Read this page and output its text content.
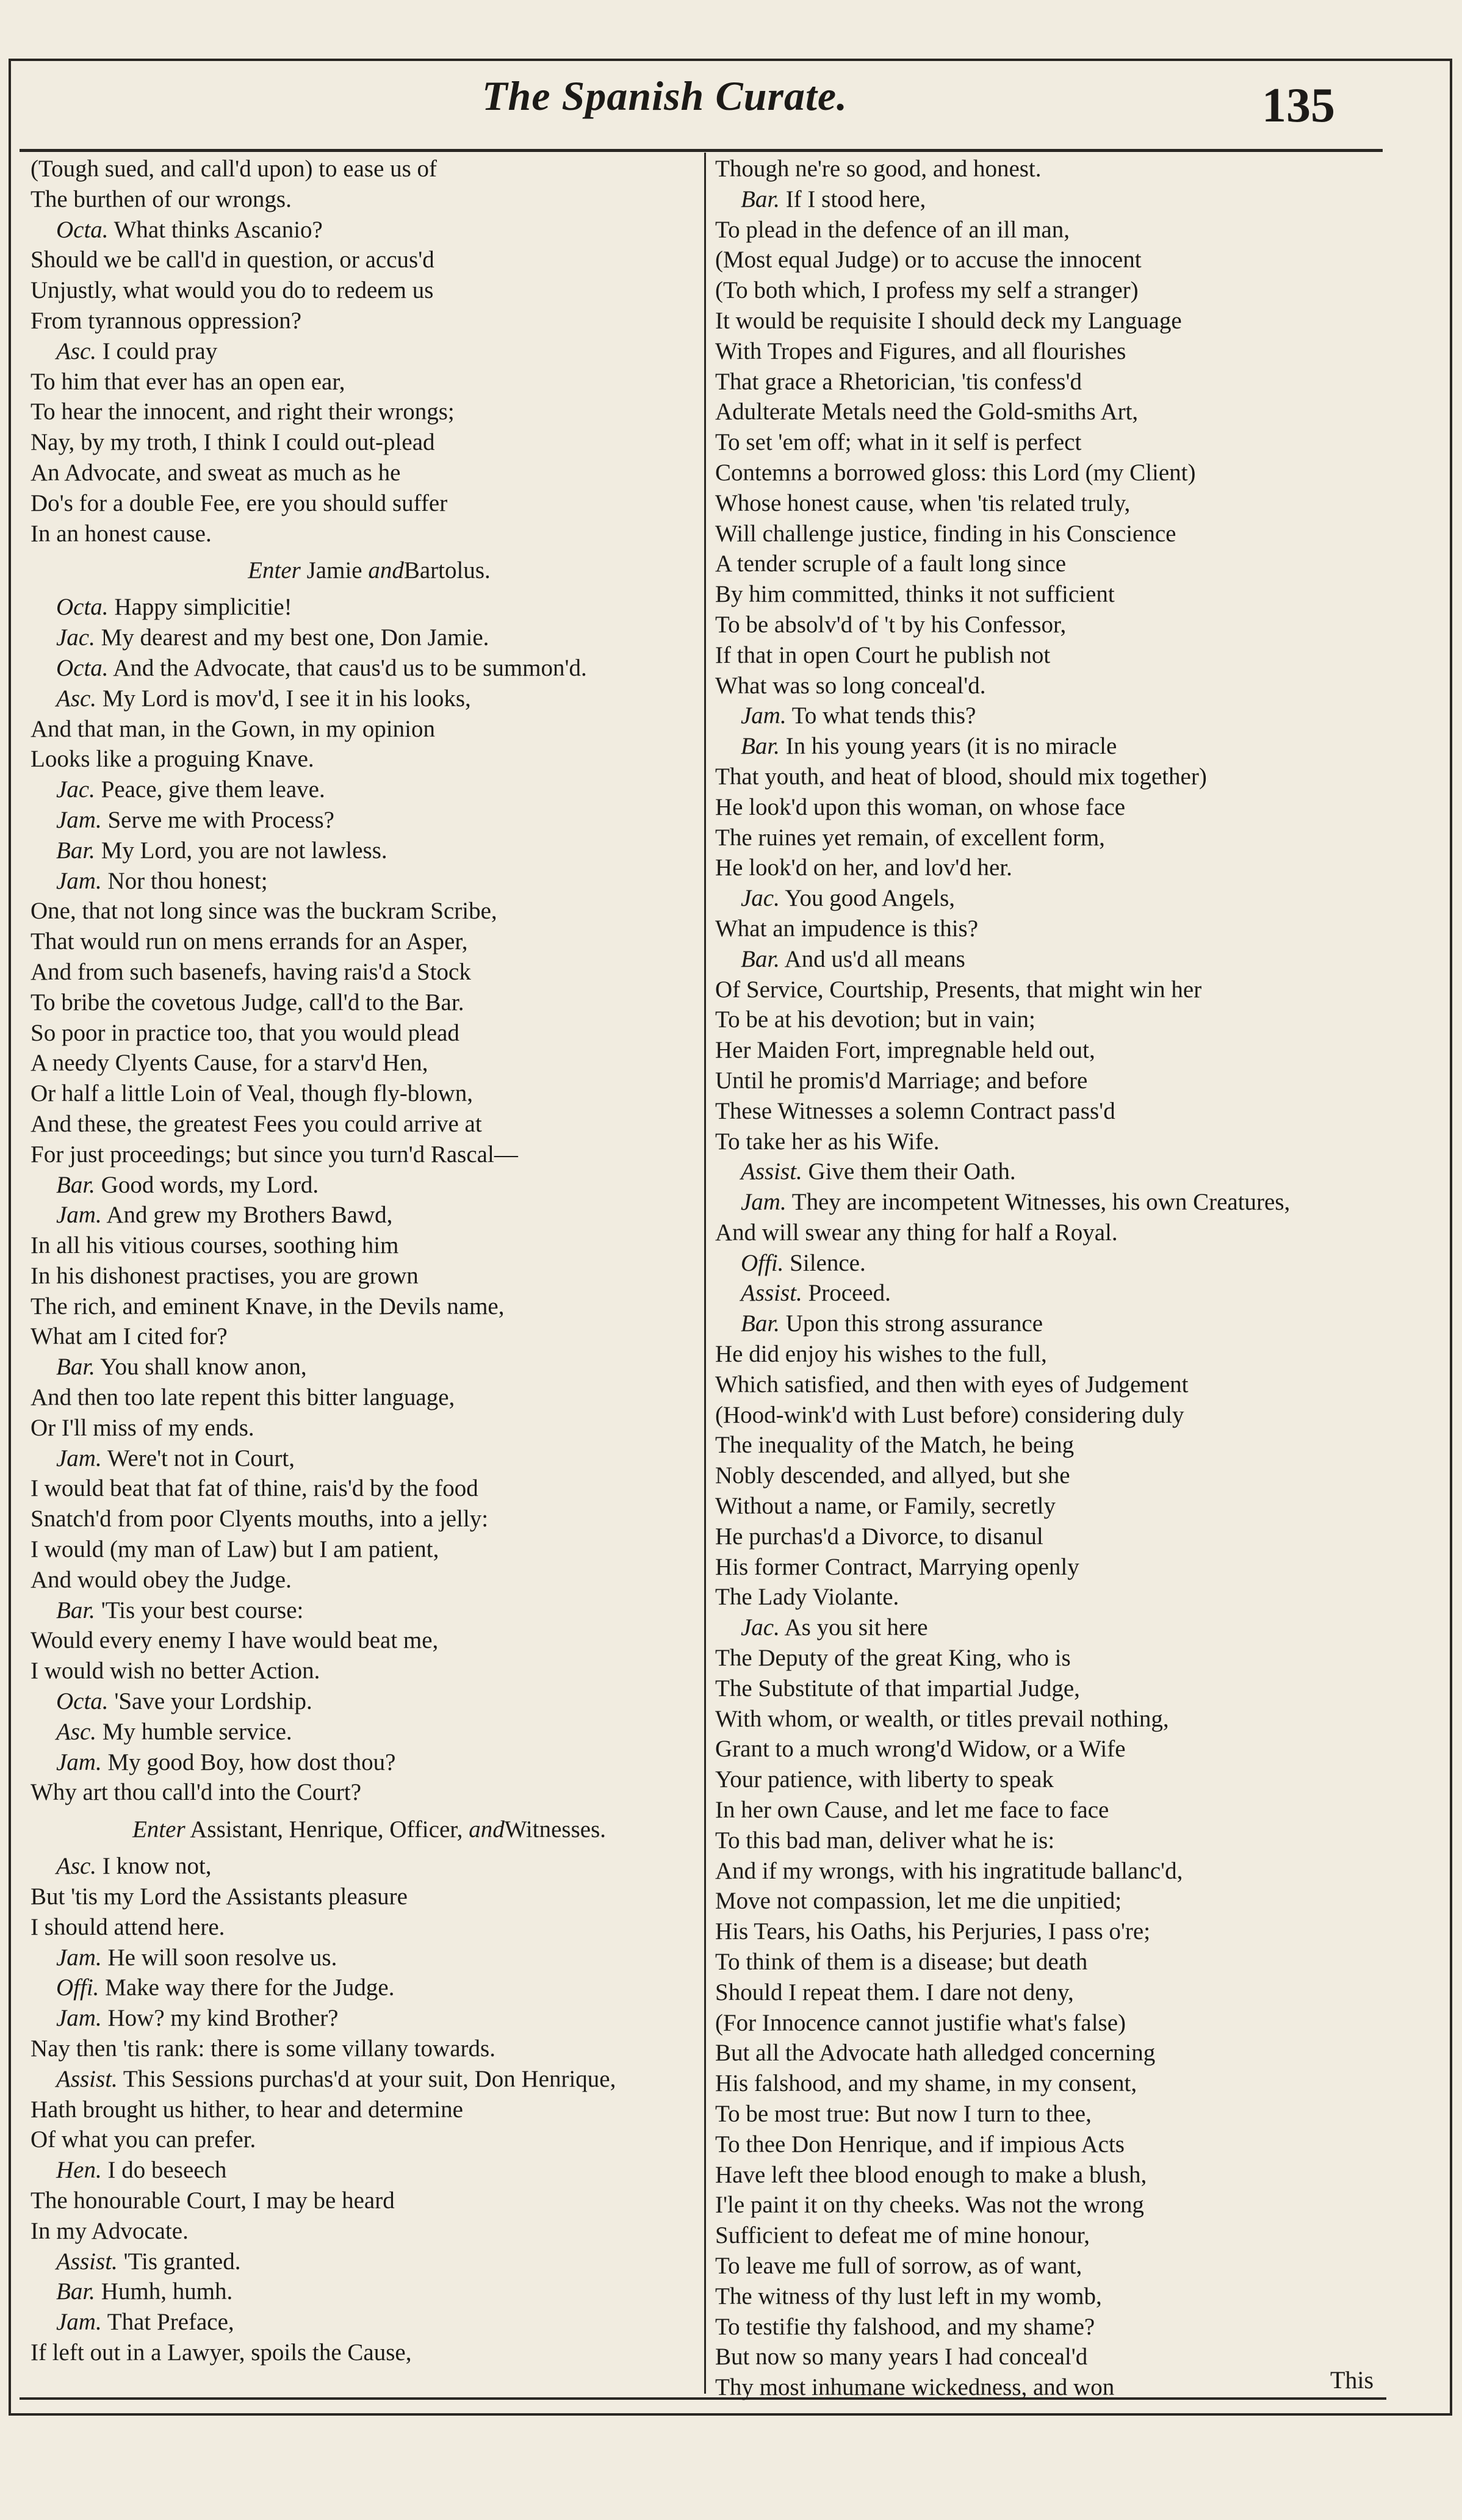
The Spanish Curate.	135
(Tough sued, and call'd upon) to ease us of
The burthen of our wrongs.
Octa. What thinks Ascanio?
Should we be call'd in question, or accus'd
Unjustly, what would you do to redeem us
From tyrannous oppression?
Asc. I could pray
To him that ever has an open ear,
To hear the innocent, and right their wrongs;
Nay, by my troth, I think I could out-plead
An Advocate, and sweat as much as he
Do's for a double Fee, ere you should suffer
In an honest cause.
Enter Jamie andBartolus.
Octa. Happy simplicitie!
Jac. My dearest and my best one, Don Jamie.
Octa. And the Advocate, that caus'd us to be summon'd.
Asc. My Lord is mov'd, I see it in his looks,
And that man, in the Gown, in my opinion
Looks like a proguing Knave.
Jac. Peace, give them leave.
Jam. Serve me with Process?
Bar. My Lord, you are not lawless.
Jam. Nor thou honest;
One, that not long since was the buckram Scribe,
That would run on mens errands for an Asper,
And from such basenefs, having rais'd a Stock
To bribe the covetous Judge, call'd to the Bar.
So poor in practice too, that you would plead
A needy Clyents Cause, for a starv'd Hen,
Or half a little Loin of Veal, though fly-blown,
And these, the greatest Fees you could arrive at
For just proceedings; but since you turn'd Rascal—
Bar. Good words, my Lord.
Jam. And grew my Brothers Bawd,
In all his vitious courses, soothing him
In his dishonest practises, you are grown
The rich, and eminent Knave, in the Devils name,
What am I cited for?
Bar. You shall know anon,
And then too late repent this bitter language,
Or I'll miss of my ends.
Jam. Were't not in Court,
I would beat that fat of thine, rais'd by the food
Snatch'd from poor Clyents mouths, into a jelly:
I would (my man of Law) but I am patient,
And would obey the Judge.
Bar. 'Tis your best course:
Would every enemy I have would beat me,
I would wish no better Action.
Octa. 'Save your Lordship.
Asc. My humble service.
Jam. My good Boy, how dost thou?
Why art thou call'd into the Court?
Enter Assistant, Henrique, Officer, andWitnesses.
Asc. I know not,
But 'tis my Lord the Assistants pleasure
I should attend here.
Jam. He will soon resolve us.
Offi. Make way there for the Judge.
Jam. How? my kind Brother?
Nay then 'tis rank: there is some villany towards.
Assist. This Sessions purchas'd at your suit, Don Henrique,
Hath brought us hither, to hear and determine
Of what you can prefer.
Hen. I do beseech
The honourable Court, I may be heard
In my Advocate.
Assist. 'Tis granted.
Bar. Humh, humh.
Jam. That Preface,
If left out in a Lawyer, spoils the Cause,
Though ne're so good, and honest.
Bar. If I stood here,
To plead in the defence of an ill man,
(Most equal Judge) or to accuse the innocent
(To both which, I profess my self a stranger)
It would be requisite I should deck my Language
With Tropes and Figures, and all flourishes
That grace a Rhetorician, 'tis confess'd
Adulterate Metals need the Gold-smiths Art,
To set 'em off; what in it self is perfect
Contemns a borrowed gloss: this Lord (my Client)
Whose honest cause, when 'tis related truly,
Will challenge justice, finding in his Conscience
A tender scruple of a fault long since
By him committed, thinks it not sufficient
To be absolv'd of 't by his Confessor,
If that in open Court he publish not
What was so long conceal'd.
Jam. To what tends this?
Bar. In his young years (it is no miracle
That youth, and heat of blood, should mix together)
He look'd upon this woman, on whose face
The ruines yet remain, of excellent form,
He look'd on her, and lov'd her.
Jac. You good Angels,
What an impudence is this?
Bar. And us'd all means
Of Service, Courtship, Presents, that might win her
To be at his devotion; but in vain;
Her Maiden Fort, impregnable held out,
Until he promis'd Marriage; and before
These Witnesses a solemn Contract pass'd
To take her as his Wife.
Assist. Give them their Oath.
Jam. They are incompetent Witnesses, his own Creatures,
And will swear any thing for half a Royal.
Offi. Silence.
Assist. Proceed.
Bar. Upon this strong assurance
He did enjoy his wishes to the full,
Which satisfied, and then with eyes of Judgement
(Hood-wink'd with Lust before) considering duly
The inequality of the Match, he being
Nobly descended, and allyed, but she
Without a name, or Family, secretly
He purchas'd a Divorce, to disanul
His former Contract, Marrying openly
The Lady Violante.
Jac. As you sit here
The Deputy of the great King, who is
The Substitute of that impartial Judge,
With whom, or wealth, or titles prevail nothing,
Grant to a much wrong'd Widow, or a Wife
Your patience, with liberty to speak
In her own Cause, and let me face to face
To this bad man, deliver what he is:
And if my wrongs, with his ingratitude ballanc'd,
Move not compassion, let me die unpitied;
His Tears, his Oaths, his Perjuries, I pass o're;
To think of them is a disease; but death
Should I repeat them. I dare not deny,
(For Innocence cannot justifie what's false)
But all the Advocate hath alledged concerning
His falshood, and my shame, in my consent,
To be most true: But now I turn to thee,
To thee Don Henrique, and if impious Acts
Have left thee blood enough to make a blush,
I'le paint it on thy cheeks. Was not the wrong
Sufficient to defeat me of mine honour,
To leave me full of sorrow, as of want,
The witness of thy lust left in my womb,
To testifie thy falshood, and my shame?
But now so many years I had conceal'd
Thy most inhumane wickedness, and won	This
